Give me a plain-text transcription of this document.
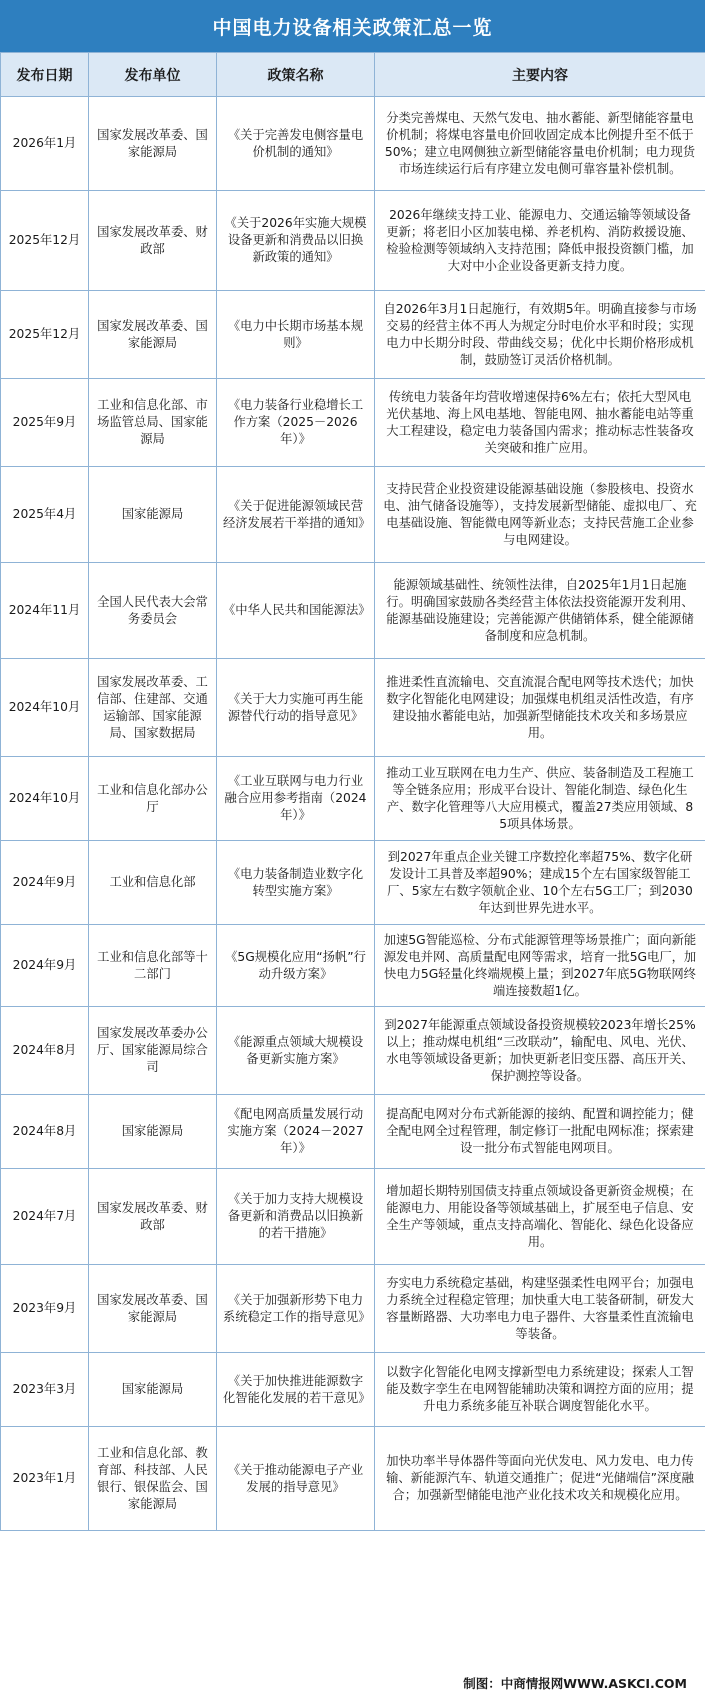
中国电力设备相关政策汇总一览
发布日期	发布单位	政策名称	主要内容
2026年1月	国家发展改革委、国家能源局	《关于完善发电侧容量电价机制的通知》	分类完善煤电、天然气发电、抽水蓄能、新型储能容量电价机制；将煤电容量电价回收固定成本比例提升至不低于50%；建立电网侧独立新型储能容量电价机制；电力现货市场连续运行后有序建立发电侧可靠容量补偿机制。
2025年12月	国家发展改革委、财政部	《关于2026年实施大规模设备更新和消费品以旧换新政策的通知》	2026年继续支持工业、能源电力、交通运输等领域设备更新；将老旧小区加装电梯、养老机构、消防救援设施、检验检测等领域纳入支持范围；降低申报投资额门槛，加大对中小企业设备更新支持力度。
2025年12月	国家发展改革委、国家能源局	《电力中长期市场基本规则》	自2026年3月1日起施行，有效期5年。明确直接参与市场交易的经营主体不再人为规定分时电价水平和时段；实现电力中长期分时段、带曲线交易；优化中长期价格形成机制，鼓励签订灵活价格机制。
2025年9月	工业和信息化部、市场监管总局、国家能源局	《电力装备行业稳增长工作方案（2025－2026年）》	传统电力装备年均营收增速保持6%左右；依托大型风电光伏基地、海上风电基地、智能电网、抽水蓄能电站等重大工程建设，稳定电力装备国内需求；推动标志性装备攻关突破和推广应用。
2025年4月	国家能源局	《关于促进能源领域民营经济发展若干举措的通知》	支持民营企业投资建设能源基础设施（参股核电、投资水电、油气储备设施等），支持发展新型储能、虚拟电厂、充电基础设施、智能微电网等新业态；支持民营施工企业参与电网建设。
2024年11月	全国人民代表大会常务委员会	《中华人民共和国能源法》	能源领域基础性、统领性法律，自2025年1月1日起施行。明确国家鼓励各类经营主体依法投资能源开发利用、能源基础设施建设；完善能源产供储销体系，健全能源储备制度和应急机制。
2024年10月	国家发展改革委、工信部、住建部、交通运输部、国家能源局、国家数据局	《关于大力实施可再生能源替代行动的指导意见》	推进柔性直流输电、交直流混合配电网等技术迭代；加快数字化智能化电网建设；加强煤电机组灵活性改造，有序建设抽水蓄能电站，加强新型储能技术攻关和多场景应用。
2024年10月	工业和信息化部办公厅	《工业互联网与电力行业融合应用参考指南（2024年）》	推动工业互联网在电力生产、供应、装备制造及工程施工等全链条应用；形成平台设计、智能化制造、绿色化生产、数字化管理等八大应用模式，覆盖27类应用领域、85项具体场景。
2024年9月	工业和信息化部	《电力装备制造业数字化转型实施方案》	到2027年重点企业关键工序数控化率超75%、数字化研发设计工具普及率超90%；建成15个左右国家级智能工厂、5家左右数字领航企业、10个左右5G工厂；到2030年达到世界先进水平。
2024年9月	工业和信息化部等十二部门	《5G规模化应用“扬帆”行动升级方案》	加速5G智能巡检、分布式能源管理等场景推广；面向新能源发电并网、高质量配电网等需求，培育一批5G电厂，加快电力5G轻量化终端规模上量；到2027年底5G物联网终端连接数超1亿。
2024年8月	国家发展改革委办公厅、国家能源局综合司	《能源重点领域大规模设备更新实施方案》	到2027年能源重点领域设备投资规模较2023年增长25%以上；推动煤电机组“三改联动”，输配电、风电、光伏、水电等领域设备更新；加快更新老旧变压器、高压开关、保护测控等设备。
2024年8月	国家能源局	《配电网高质量发展行动实施方案（2024－2027年）》	提高配电网对分布式新能源的接纳、配置和调控能力；健全配电网全过程管理，制定修订一批配电网标准；探索建设一批分布式智能电网项目。
2024年7月	国家发展改革委、财政部	《关于加力支持大规模设备更新和消费品以旧换新的若干措施》	增加超长期特别国债支持重点领域设备更新资金规模；在能源电力、用能设备等领域基础上，扩展至电子信息、安全生产等领域，重点支持高端化、智能化、绿色化设备应用。
2023年9月	国家发展改革委、国家能源局	《关于加强新形势下电力系统稳定工作的指导意见》	夯实电力系统稳定基础，构建坚强柔性电网平台；加强电力系统全过程稳定管理；加快重大电工装备研制，研发大容量断路器、大功率电力电子器件、大容量柔性直流输电等装备。
2023年3月	国家能源局	《关于加快推进能源数字化智能化发展的若干意见》	以数字化智能化电网支撑新型电力系统建设；探索人工智能及数字孪生在电网智能辅助决策和调控方面的应用；提升电力系统多能互补联合调度智能化水平。
2023年1月	工业和信息化部、教育部、科技部、人民银行、银保监会、国家能源局	《关于推动能源电子产业发展的指导意见》	加快功率半导体器件等面向光伏发电、风力发电、电力传输、新能源汽车、轨道交通推广；促进“光储端信”深度融合；加强新型储能电池产业化技术攻关和规模化应用。
制图：中商情报网WWW.ASKCI.COM
